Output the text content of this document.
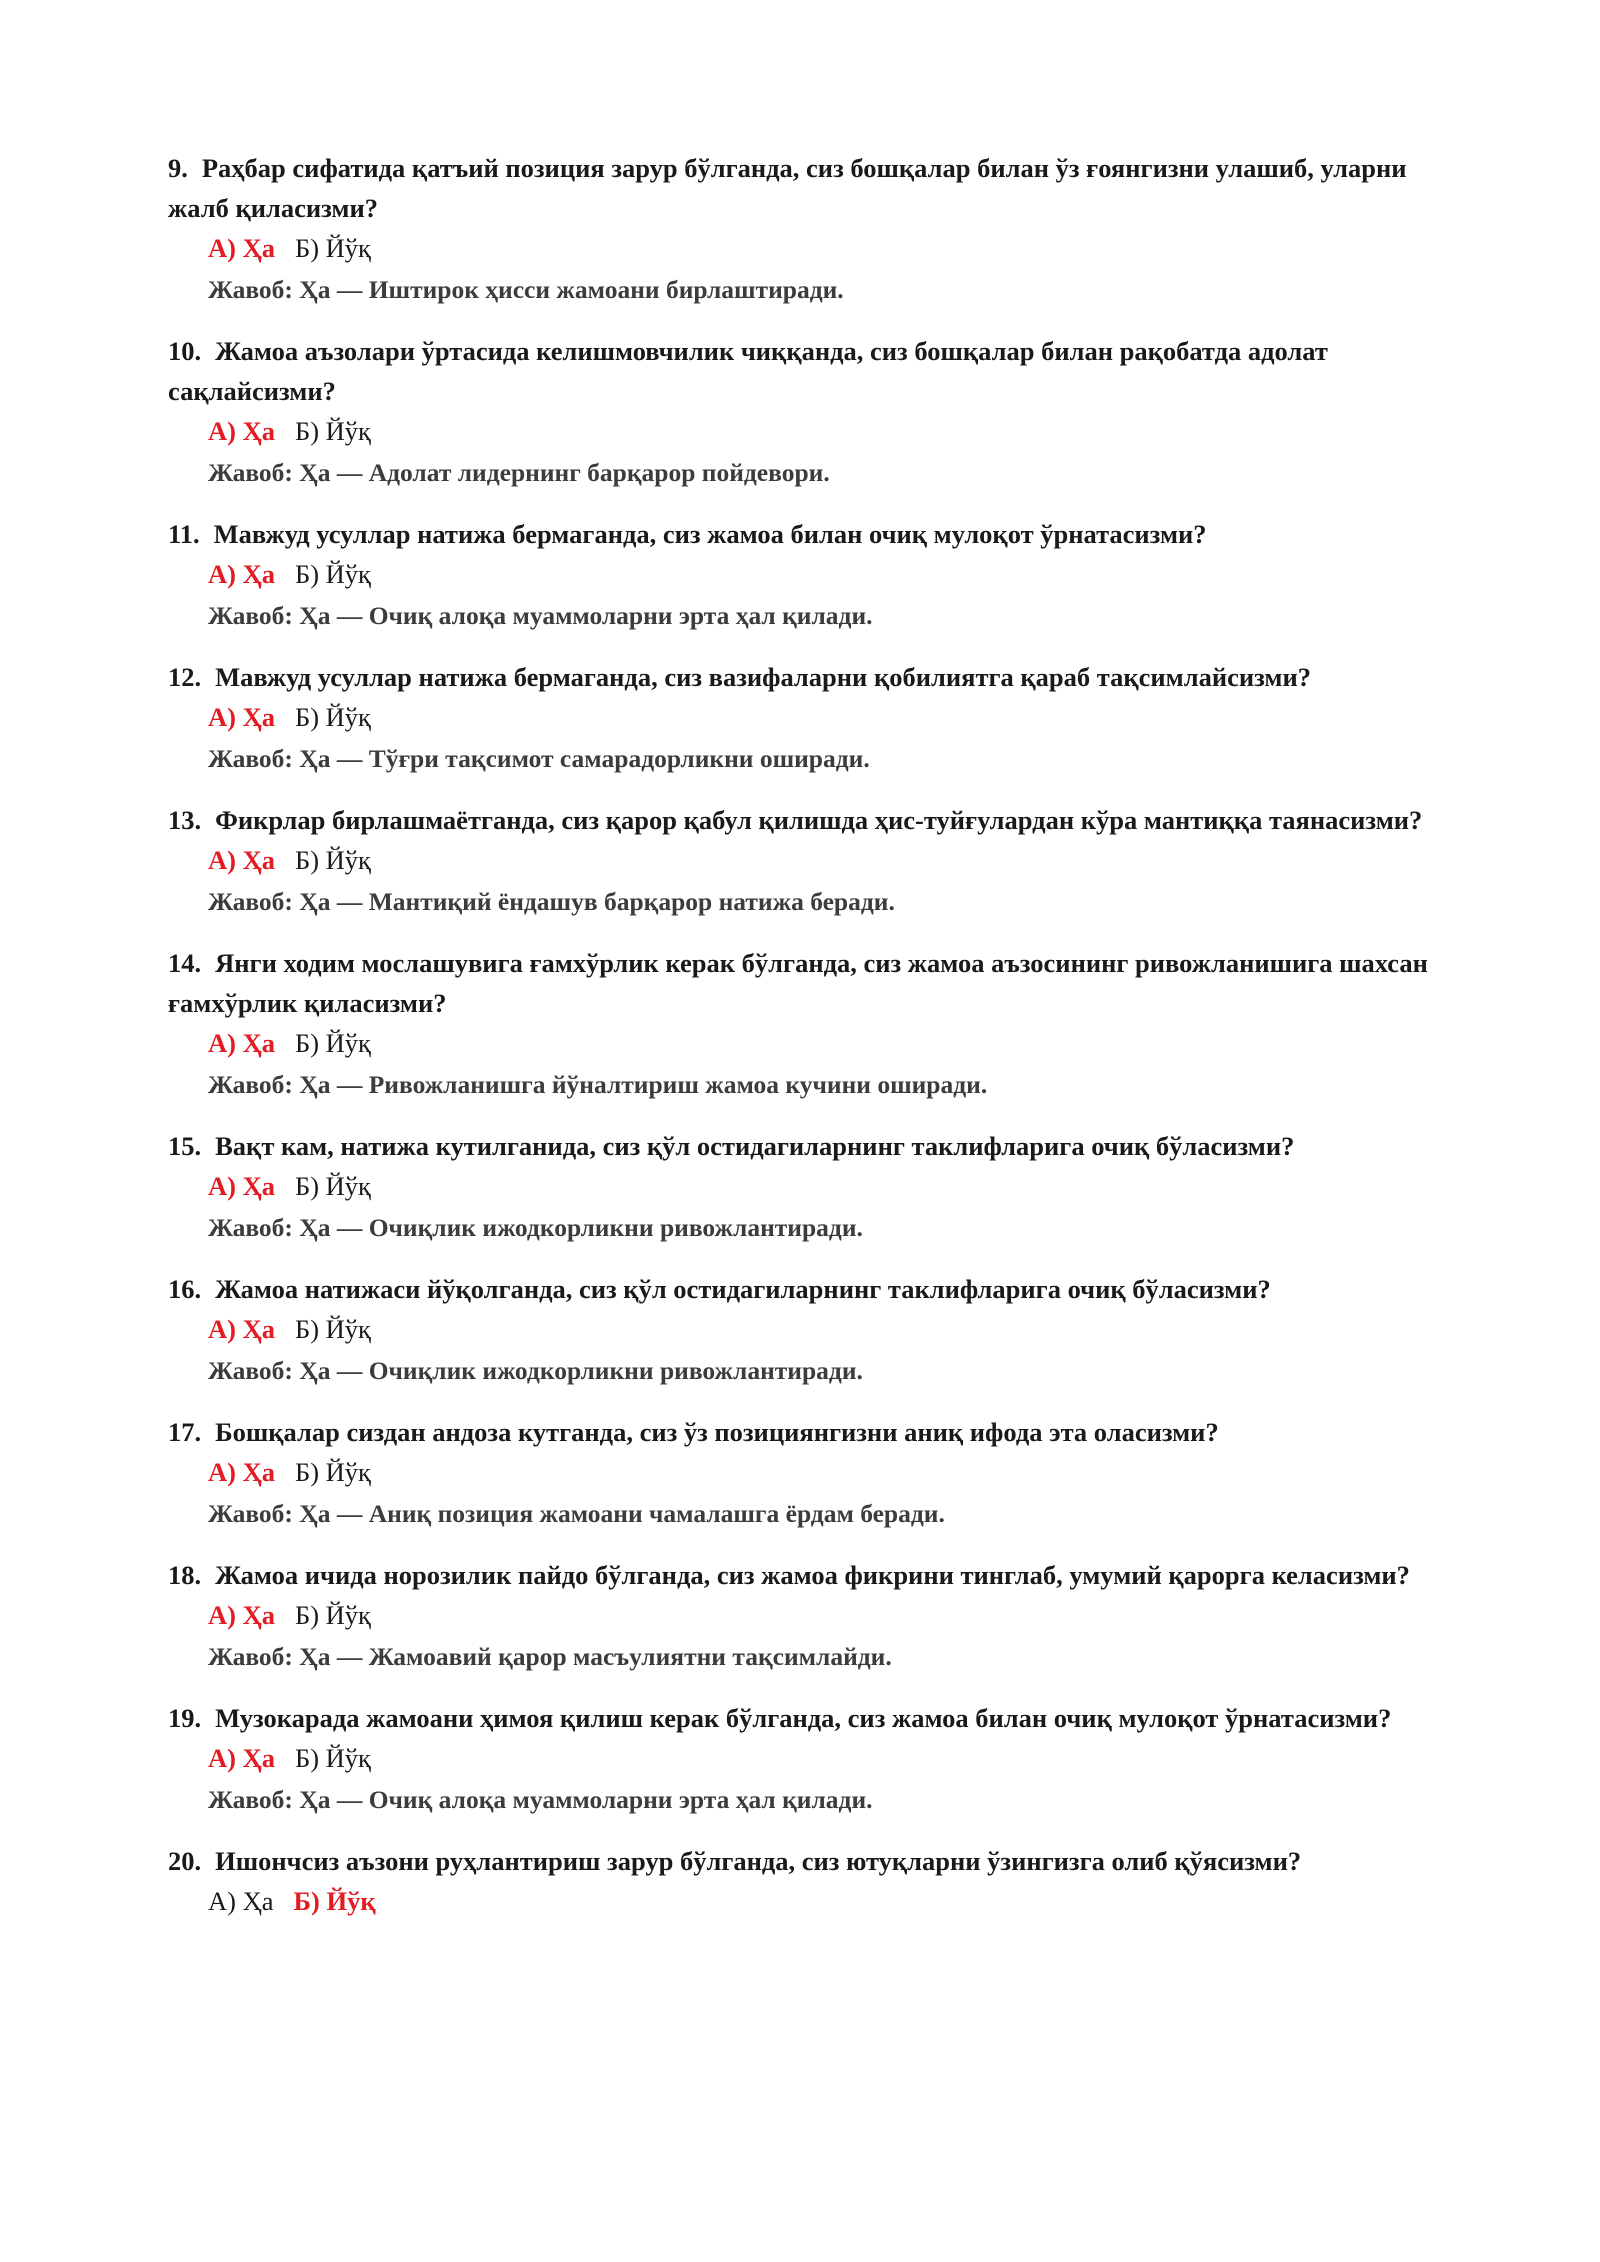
9. Раҳбар сифатида қатъий позиция зарур бўлганда, сиз бошқалар билан ўз ғоянгизни улашиб, уларни жалб қиласизми?

А) Ҳа Б) Йўқ
Жавоб: Ҳа — Иштирок ҳисси жамоани бирлаштиради.

10. Жамоа аъзолари ўртасида келишмовчилик чиққанда, сиз бошқалар билан рақобатда адолат сақлайсизми?

А) Ҳа Б) Йўқ
Жавоб: Ҳа — Адолат лидернинг барқарор пойдевори.

11. Мавжуд усуллар натижа бермаганда, сиз жамоа билан очиқ мулоқот ўрнатасизми?

А) Ҳа Б) Йўқ
Жавоб: Ҳа — Очиқ алоқа муаммоларни эрта ҳал қилади.

12. Мавжуд усуллар натижа бермаганда, сиз вазифаларни қобилиятга қараб тақсимлайсизми?

А) Ҳа Б) Йўқ
Жавоб: Ҳа — Тўғри тақсимот самарадорликни оширади.

13. Фикрлар бирлашмаётганда, сиз қарор қабул қилишда ҳис-туйғулардан кўра мантиққа таянасизми?

А) Ҳа Б) Йўқ
Жавоб: Ҳа — Мантиқий ёндашув барқарор натижа беради.

14. Янги ходим мослашувига ғамхўрлик керак бўлганда, сиз жамоа аъзосининг ривожланишига шахсан ғамхўрлик қиласизми?

А) Ҳа Б) Йўқ
Жавоб: Ҳа — Ривожланишга йўналтириш жамоа кучини оширади.

15. Вақт кам, натижа кутилганида, сиз қўл остидагиларнинг таклифларига очиқ бўласизми?

А) Ҳа Б) Йўқ
Жавоб: Ҳа — Очиқлик ижодкорликни ривожлантиради.

16. Жамоа натижаси йўқолганда, сиз қўл остидагиларнинг таклифларига очиқ бўласизми?

А) Ҳа Б) Йўқ
Жавоб: Ҳа — Очиқлик ижодкорликни ривожлантиради.

17. Бошқалар сиздан андоза кутганда, сиз ўз позициянгизни аниқ ифода эта оласизми?

А) Ҳа Б) Йўқ
Жавоб: Ҳа — Аниқ позиция жамоани чамалашга ёрдам беради.

18. Жамоа ичида норозилик пайдо бўлганда, сиз жамоа фикрини тинглаб, умумий қарорга келасизми?

А) Ҳа Б) Йўқ
Жавоб: Ҳа — Жамоавий қарор масъулиятни тақсимлайди.

19. Музокарада жамоани ҳимоя қилиш керак бўлганда, сиз жамоа билан очиқ мулоқот ўрнатасизми?

А) Ҳа Б) Йўқ
Жавоб: Ҳа — Очиқ алоқа муаммоларни эрта ҳал қилади.

20. Ишончсиз аъзони руҳлантириш зарур бўлганда, сиз ютуқларни ўзингизга олиб қўясизми?

А) Ҳа Б) Йўқ
